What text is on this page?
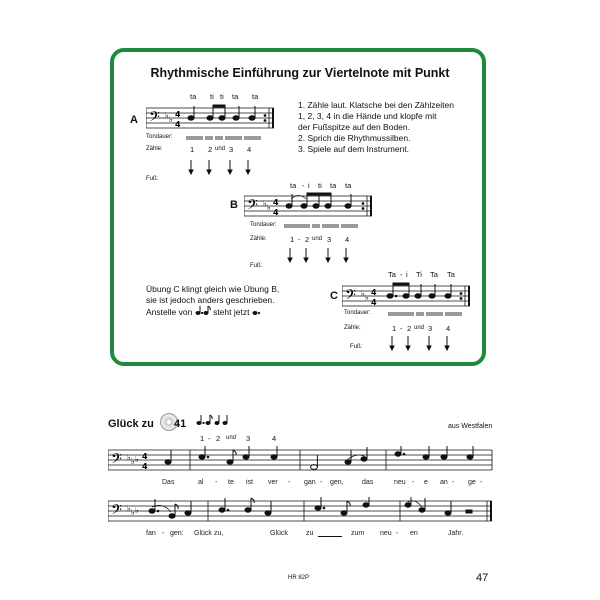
Rhythmische Einführung zur Viertelnote mit Punkt
1. Zähle laut. Klatsche bei den Zählzeiten
1, 2, 3, 4 in die Hände und klopfe mit
der Fußspitze auf den Boden.
2. Sprich die Rhythmussilben.
3. Spiele auf dem Instrument.
A
ta ti ti ta ta
𝄢 ♭ ♭
4
4
Tondauer:
Zähle:	1 2 und 3 4
Fuß:
B
ta - i ti ta ta
𝄢 ♭ ♭
4
4
Tondauer:
Zähle:	1 - 2 und 3 4
Fuß:
Übung C klingt gleich wie Übung B,
sie ist jedoch anders geschrieben.
Anstelle von steht jetzt
C
Ta - i Ti Ta Ta
𝄢 ♭ ♭
4
4
Tondauer:
Zähle:	1 - 2 und 3 4
Fuß:
Glück zu 41	aus Westfalen
1 - 2 und 3	4
𝄢 ♭ ♭ ♭ 4
4
Das	al - te ist ver - gan - gen,	das	neu - e an - ge -
𝄢 ♭ ♭ ♭
fan - gen: Glück zu,	Glück	zu	zum neu - en	Jahr.
HR 82P	47
